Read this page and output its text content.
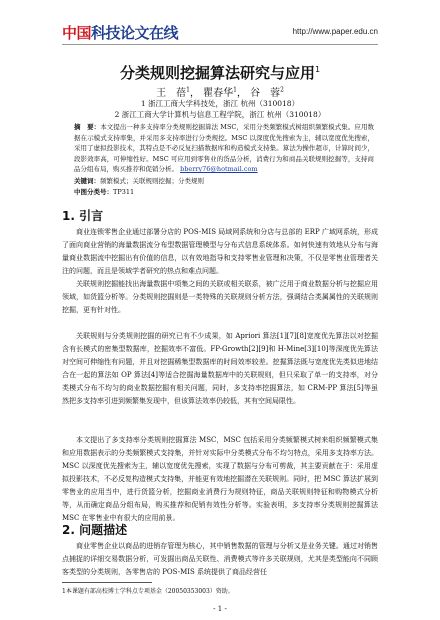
中国科技论文在线	http://www.paper.edu.cn
分类规则挖掘算法研究与应用$^1$
王　蓓$^1$， 瞿春华$^1$， 谷　蓉$^2$
1 浙江工商大学科技处，浙江 杭州（310018）
2 浙江工商大学计算机与信息工程学院，浙江 杭州（310018）
摘　要：本文提出一种多支持率分类规则挖掘算法 MSC，采用分类频繁模式树组织频繁模式集。应用数据在示模式支持率集，并采用多支持率进行分类规挖。MSC 以深度优先搜索为主，辅以宽度优先搜索，采用了虚拟投影技术，其特点是不必反复扫描数据库和构造模式支持集。算法为操作超市，计算时间少，段影效率高，可伸缩性好。MSC 可应用到零售业的货品分析，消费行为和商品关联规则挖掘等，支持商品分组布局，购买推荐和促销分析。 bberry76@hotmail.com
关键词：频繁模式；关联规则挖掘；分类规则
中图分类号：TP311
1. 引言
商业连锁零售企业通过部署分店的 POS-MIS 局域网系统和分店与总部的 ERP 广域网系统，形成了面向商业营销的海量数据流分布型数据管理模型与分布式信息系统体系。如何快速有效地从分布与海量商业数据流中挖掘出有价值的信息，以有效地指导和支持零售业管理和决策，不仅是零售业管理者关注的问题，而且是领域学者研究的热点和难点问题。
关联规则挖掘能找出海量数据中项集之间的关联或相关联系，被广泛用于商业数据分析与挖掘应用领域，如货篮分析等。分类规则挖掘则是一类特殊的关联规则分析方法，强调结合类属属性的关联规则挖掘，更有针对性。
关联规则与分类规则挖掘的研究已有不少成果，如 Apriori 算法[1][7][8]宽度优先算法以对挖掘含有长模式的密集型数据库，挖掘效率不富低。FP-Growth[2][9]和 H-Mine[3][10]等深度优先算法对空间可伸缩性有问题，并且对挖掘稀集型数据库的时间效率较差。挖掘算法既与宽度优先类似进地结合在一起的算法如 OP 算法[4]等适合挖掘海量数据库中的关联规则，但只采取了单一的支持率，对分类模式分布不均匀的商业数据挖掘有相关问题，同时，多支持率挖掘算法，如 CRM-PP 算法[5]等虽然把多支持率引进到频繁集发现中，但该算法效率仍较低，其有空间局限性。
本文提出了多支持率分类规则挖掘算法 MSC，MSC 包括采用分类频繁模式树来组织频繁模式集和应用数据表示的分类频繁模式支持集，并针对实际中分类模式分布不均匀特点，采用多支持率方法。MSC 以深度优先搜索为主，辅以宽度优先搜索，实现了数据与分布可剪裁，其主要贡献在于：采用虚拟投影技术，不必反复构造模式支持集，并能更有效地挖掘潜在关联规则。同时，把 MSC 算法扩展到零售业的应用当中，进行货篮分析，挖掘商业消费行为规则特征，商品关联规则特征和购物模式分析等，从而确定商品分组布局，购买推荐和促销有效性分析等。实验表明，多支持率分类规则挖掘算法 MSC 在零售业中有很大的应用前景。
2. 问题描述
商业零售企业以商品的进销存管理为核心，其中销售数据的管理与分析又是业务关键。通过对销售点捕捉的详细交易数据分析，可发掘出商品关联性、消费模式等许多关联规则，尤其是类型能向不同顾客类型的分类规则，各零售店的 POS-MIS 系统提供了商品经营任
1本课题有部高校博士学科点专项基金（20050353003）资助。
- 1 -
